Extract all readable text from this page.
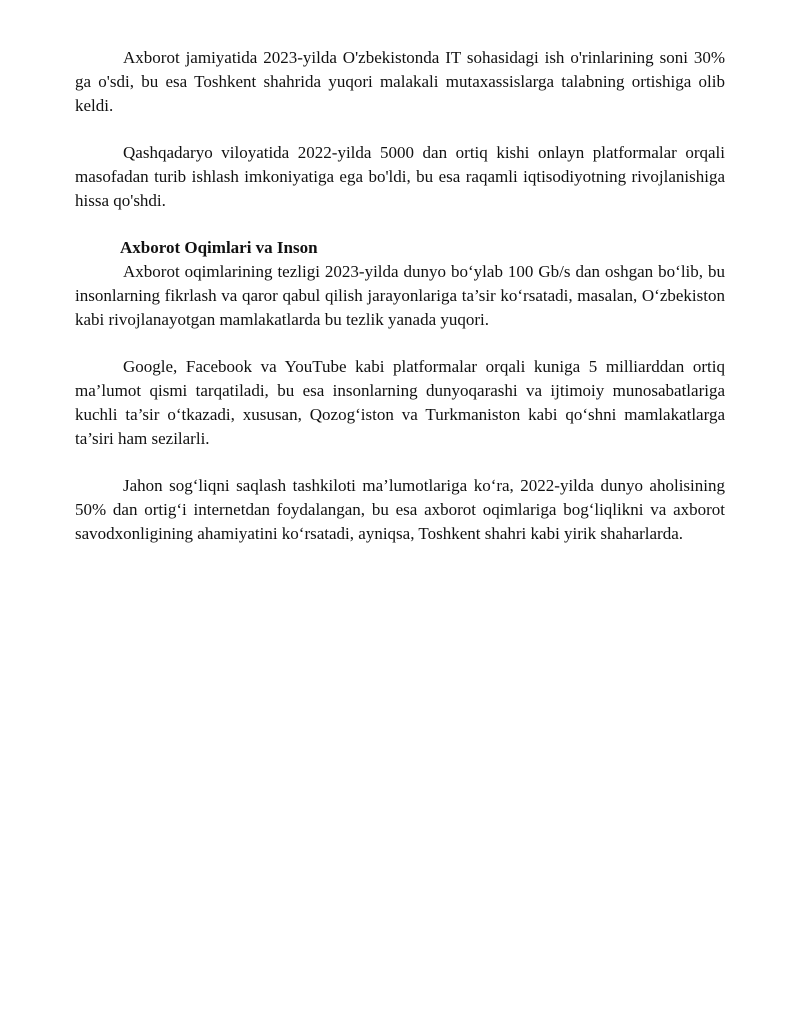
Axborot jamiyatida 2023-yilda O'zbekistonda IT sohasidagi ish o'rinlarining soni 30% ga o'sdi, bu esa Toshkent shahrida yuqori malakali mutaxassislarga talabning ortishiga olib keldi.

Qashqadaryo viloyatida 2022-yilda 5000 dan ortiq kishi onlayn platformalar orqali masofadan turib ishlash imkoniyatiga ega bo'ldi, bu esa raqamli iqtisodiyotning rivojlanishiga hissa qo'shdi.

Axborot Oqimlari va Inson

Axborot oqimlarining tezligi 2023-yilda dunyo bo‘ylab 100 Gb/s dan oshgan bo‘lib, bu insonlarning fikrlash va qaror qabul qilish jarayonlariga ta’sir ko‘rsatadi, masalan, O‘zbekiston kabi rivojlanayotgan mamlakatlarda bu tezlik yanada yuqori.

Google, Facebook va YouTube kabi platformalar orqali kuniga 5 milliarddan ortiq ma’lumot qismi tarqatiladi, bu esa insonlarning dunyoqarashi va ijtimoiy munosabatlariga kuchli ta’sir o‘tkazadi, xususan, Qozog‘iston va Turkmaniston kabi qo‘shni mamlakatlarga ta’siri ham sezilarli.

Jahon sog‘liqni saqlash tashkiloti ma’lumotlariga ko‘ra, 2022-yilda dunyo aholisining 50% dan ortig‘i internetdan foydalangan, bu esa axborot oqimlariga bog‘liqlikni va axborot savodxonligining ahamiyatini ko‘rsatadi, ayniqsa, Toshkent shahri kabi yirik shaharlarda.
